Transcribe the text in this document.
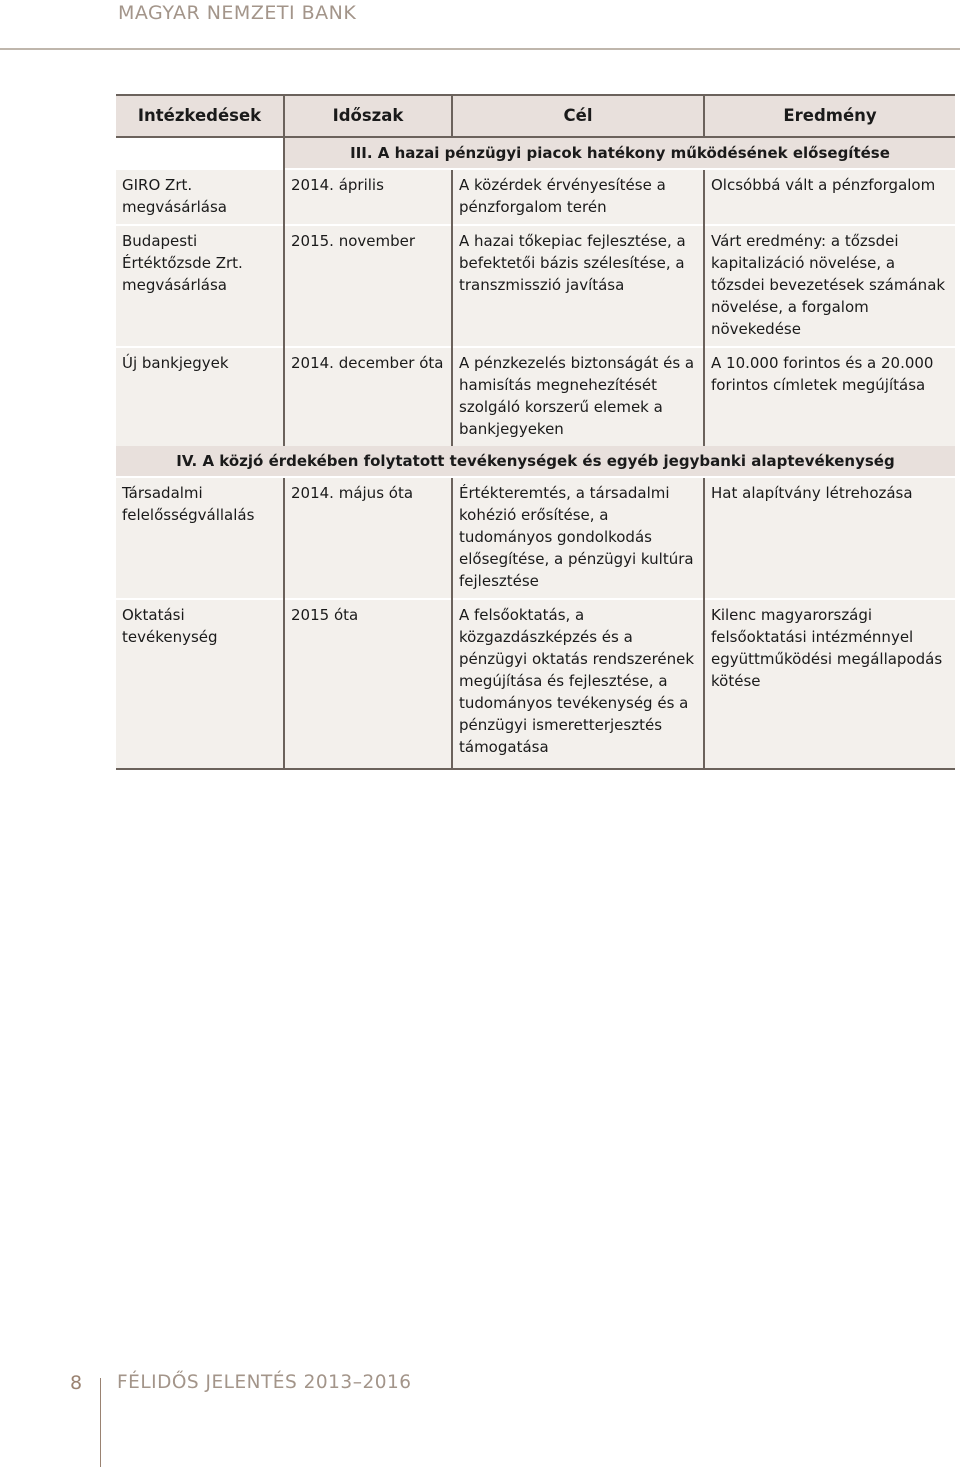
MAGYAR NEMZETI BANK
Intézkedések	Időszak	Cél	Eredmény
	III. A hazai pénzügyi piacok hatékony működésének elősegítése		
GIRO Zrt. megvásárlása	2014. április	A közérdek érvényesítése a pénzforgalom terén	Olcsóbbá vált a pénzforgalom
Budapesti Értéktőzsde Zrt. megvásárlása	2015. november	A hazai tőkepiac fejlesztése, a befektetői bázis szélesítése, a transzmisszió javítása	Várt eredmény: a tőzsdei kapitalizáció növelése, a tőzsdei bevezetések számának növelése, a forgalom növekedése
Új bankjegyek	2014. december óta	A pénzkezelés biztonságát és a hamisítás megnehezítését szolgáló korszerű elemek a bankjegyeken	A 10.000 forintos és a 20.000 forintos címletek megújítása
IV. A közjó érdekében folytatott tevékenységek és egyéb jegybanki alaptevékenység			
Társadalmi felelősségvállalás	2014. május óta	Értékteremtés, a társadalmi kohézió erősítése, a tudományos gondolkodás elősegítése, a pénzügyi kultúra fejlesztése	Hat alapítvány létrehozása
Oktatási tevékenység	2015 óta	A felsőoktatás, a közgazdászképzés és a pénzügyi oktatás rendszerének megújítása és fejlesztése, a tudományos tevékenység és a pénzügyi ismeretterjesztés támogatása	Kilenc magyarországi felsőoktatási intézménnyel együttműködési megállapodás kötése
8 FÉLIDŐS JELENTÉS 2013–2016
